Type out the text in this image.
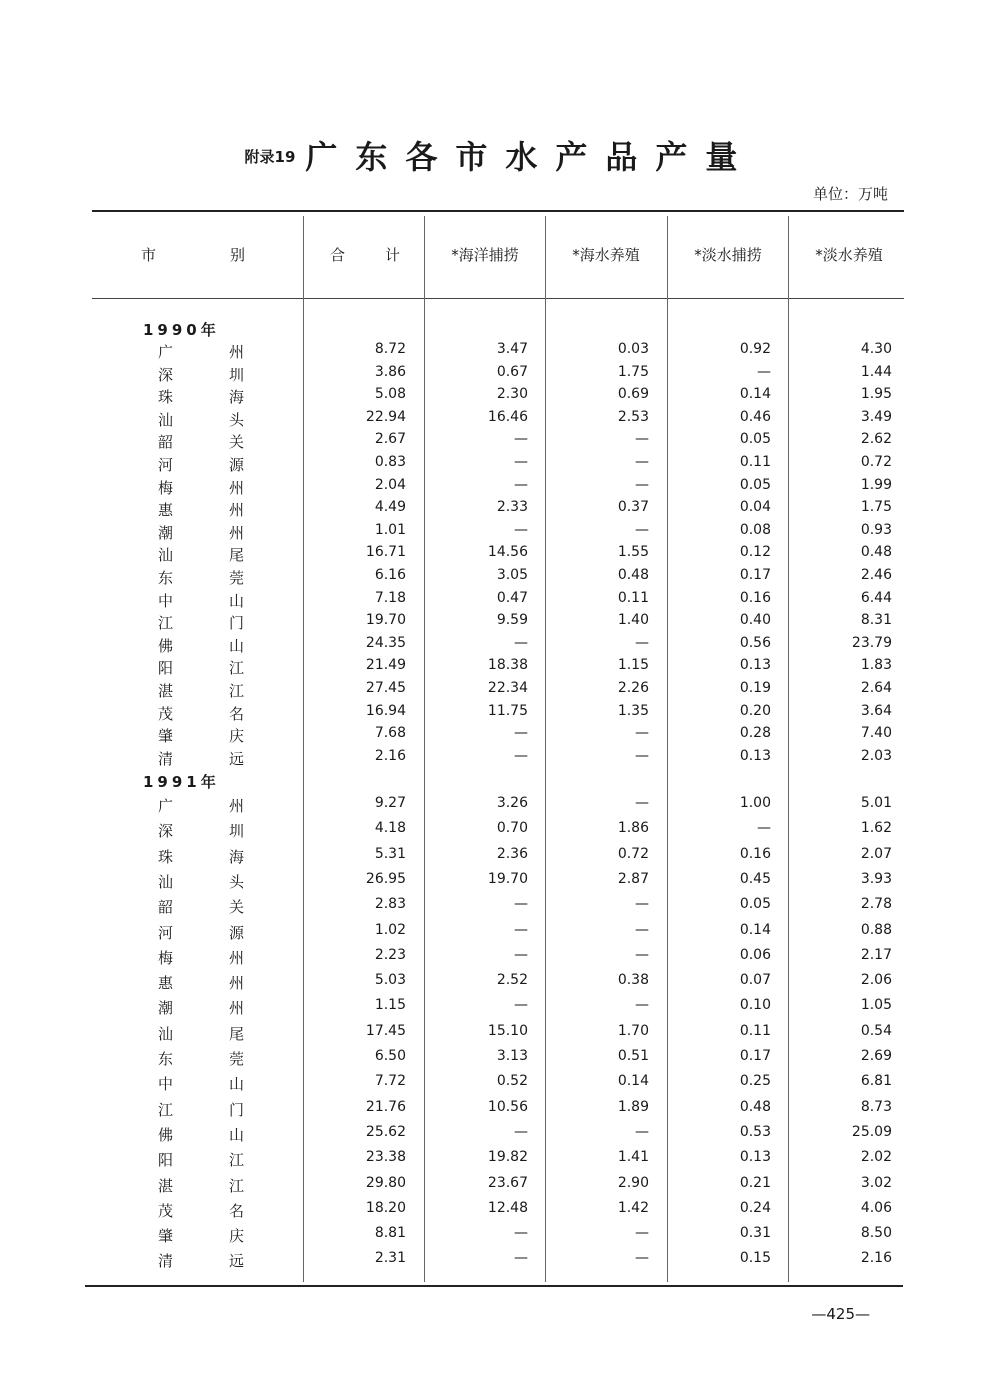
附录19 广东各市水产品产量
单位：万吨
市	别	合	计	*海洋捕捞	*海水养殖	*淡水捕捞	*淡水养殖
1990年
广	州	8.72	3.47	0.03	0.92	4.30
深	圳	3.86	0.67	1.75	—	1.44
珠	海	5.08	2.30	0.69	0.14	1.95
汕	头	22.94	16.46	2.53	0.46	3.49
韶	关	2.67	—	—	0.05	2.62
河	源	0.83	—	—	0.11	0.72
梅	州	2.04	—	—	0.05	1.99
惠	州	4.49	2.33	0.37	0.04	1.75
潮	州	1.01	—	—	0.08	0.93
汕	尾	16.71	14.56	1.55	0.12	0.48
东	莞	6.16	3.05	0.48	0.17	2.46
中	山	7.18	0.47	0.11	0.16	6.44
江	门	19.70	9.59	1.40	0.40	8.31
佛	山	24.35	—	—	0.56	23.79
阳	江	21.49	18.38	1.15	0.13	1.83
湛	江	27.45	22.34	2.26	0.19	2.64
茂	名	16.94	11.75	1.35	0.20	3.64
肇	庆	7.68	—	—	0.28	7.40
清	远	2.16	—	—	0.13	2.03
1991年
广	州	9.27	3.26	—	1.00	5.01
深	圳	4.18	0.70	1.86	—	1.62
珠	海	5.31	2.36	0.72	0.16	2.07
汕	头	26.95	19.70	2.87	0.45	3.93
韶	关	2.83	—	—	0.05	2.78
河	源	1.02	—	—	0.14	0.88
梅	州	2.23	—	—	0.06	2.17
惠	州	5.03	2.52	0.38	0.07	2.06
潮	州	1.15	—	—	0.10	1.05
汕	尾	17.45	15.10	1.70	0.11	0.54
东	莞	6.50	3.13	0.51	0.17	2.69
中	山	7.72	0.52	0.14	0.25	6.81
江	门	21.76	10.56	1.89	0.48	8.73
佛	山	25.62	—	—	0.53	25.09
阳	江	23.38	19.82	1.41	0.13	2.02
湛	江	29.80	23.67	2.90	0.21	3.02
茂	名	18.20	12.48	1.42	0.24	4.06
肇	庆	8.81	—	—	0.31	8.50
清	远	2.31	—	—	0.15	2.16
—425—
